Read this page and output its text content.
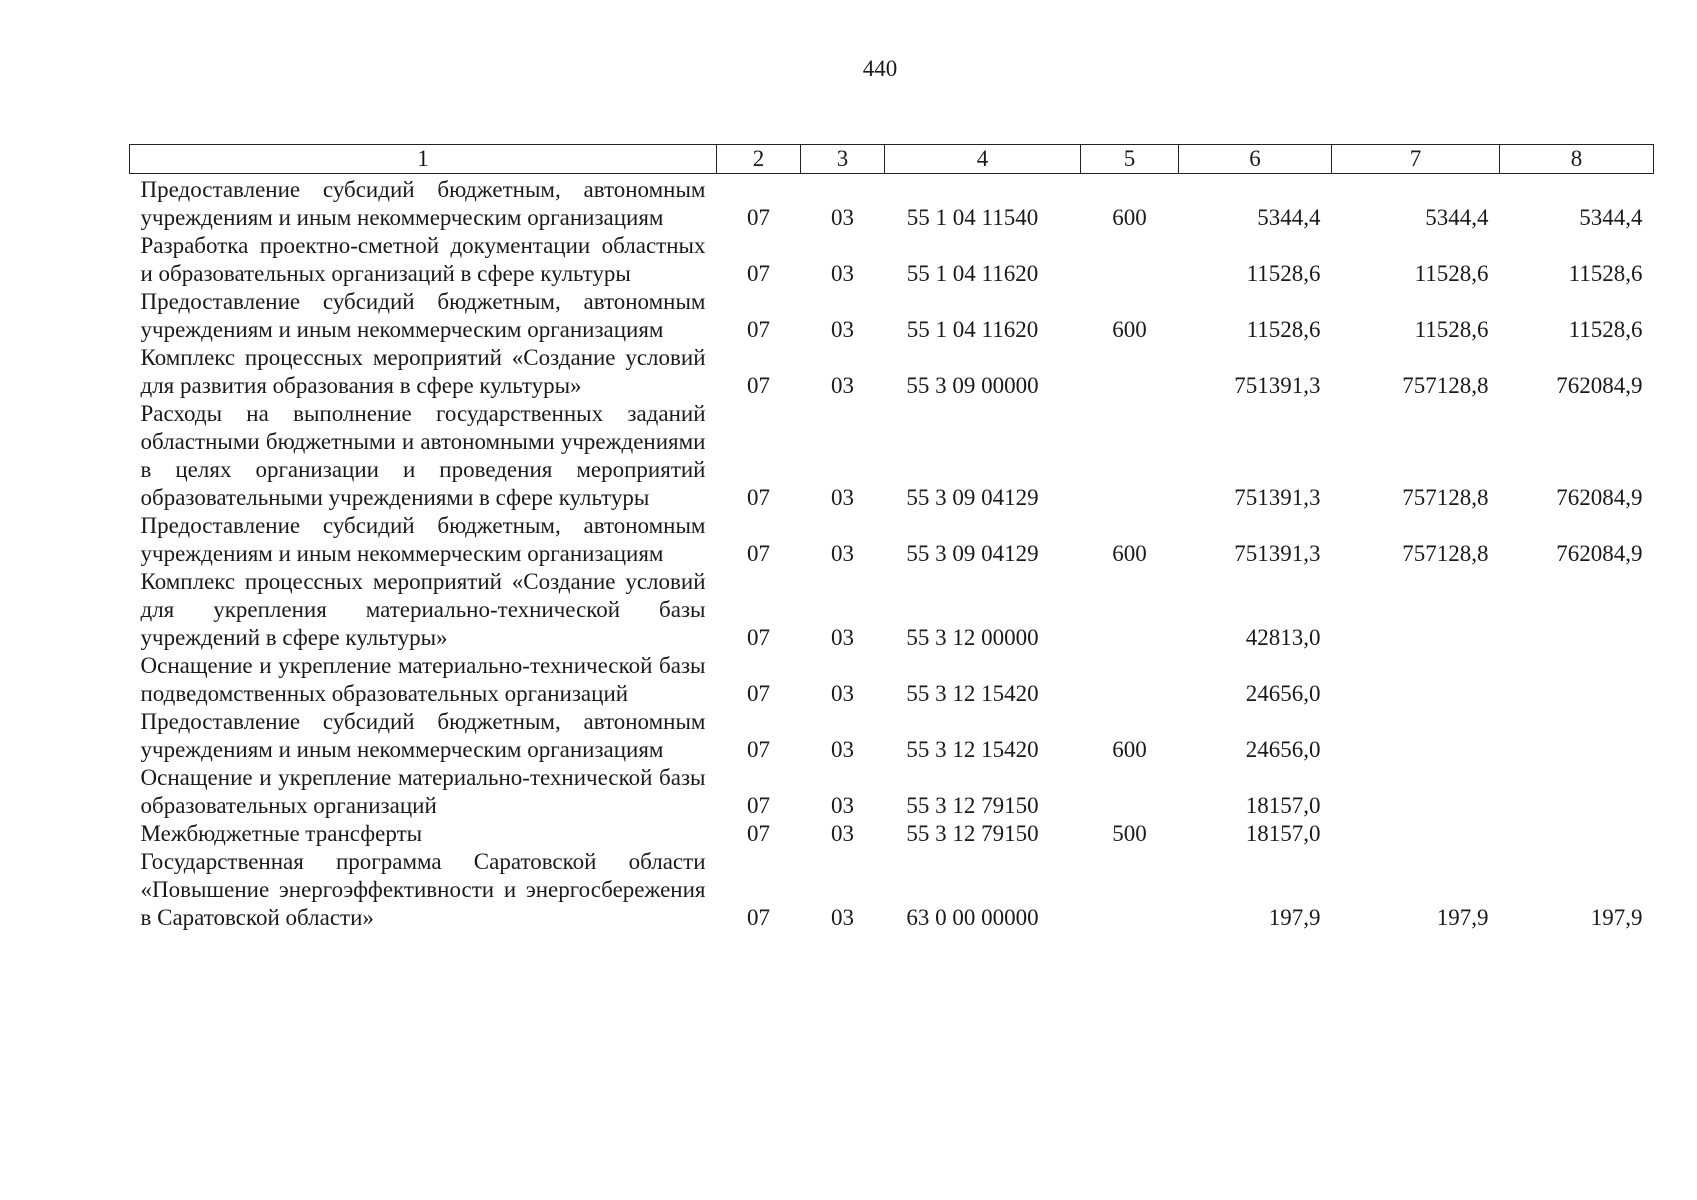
440
1	2	3	4	5	6	7	8
Предоставление субсидий бюджетным, автономным учреждениям и иным некоммерческим организациям	07	03	55 1 04 11540	600	5344,4	5344,4	5344,4
Разработка проектно-сметной документации областных и образовательных организаций в сфере культуры	07	03	55 1 04 11620		11528,6	11528,6	11528,6
Предоставление субсидий бюджетным, автономным учреждениям и иным некоммерческим организациям	07	03	55 1 04 11620	600	11528,6	11528,6	11528,6
Комплекс процессных мероприятий «Создание условий для развития образования в сфере культуры»	07	03	55 3 09 00000		751391,3	757128,8	762084,9
Расходы на выполнение государственных заданий областными бюджетными и автономными учреждениями в целях организации и проведения мероприятий образовательными учреждениями в сфере культуры	07	03	55 3 09 04129		751391,3	757128,8	762084,9
Предоставление субсидий бюджетным, автономным учреждениям и иным некоммерческим организациям	07	03	55 3 09 04129	600	751391,3	757128,8	762084,9
Комплекс процессных мероприятий «Создание условий для укрепления материально-технической базы учреждений в сфере культуры»	07	03	55 3 12 00000		42813,0		
Оснащение и укрепление материально-технической базы подведомственных образовательных организаций	07	03	55 3 12 15420		24656,0		
Предоставление субсидий бюджетным, автономным учреждениям и иным некоммерческим организациям	07	03	55 3 12 15420	600	24656,0		
Оснащение и укрепление материально-технической базы образовательных организаций	07	03	55 3 12 79150		18157,0		
Межбюджетные трансферты	07	03	55 3 12 79150	500	18157,0		
Государственная программа Саратовской области «Повышение энергоэффективности и энергосбережения в Саратовской области»	07	03	63 0 00 00000		197,9	197,9	197,9
